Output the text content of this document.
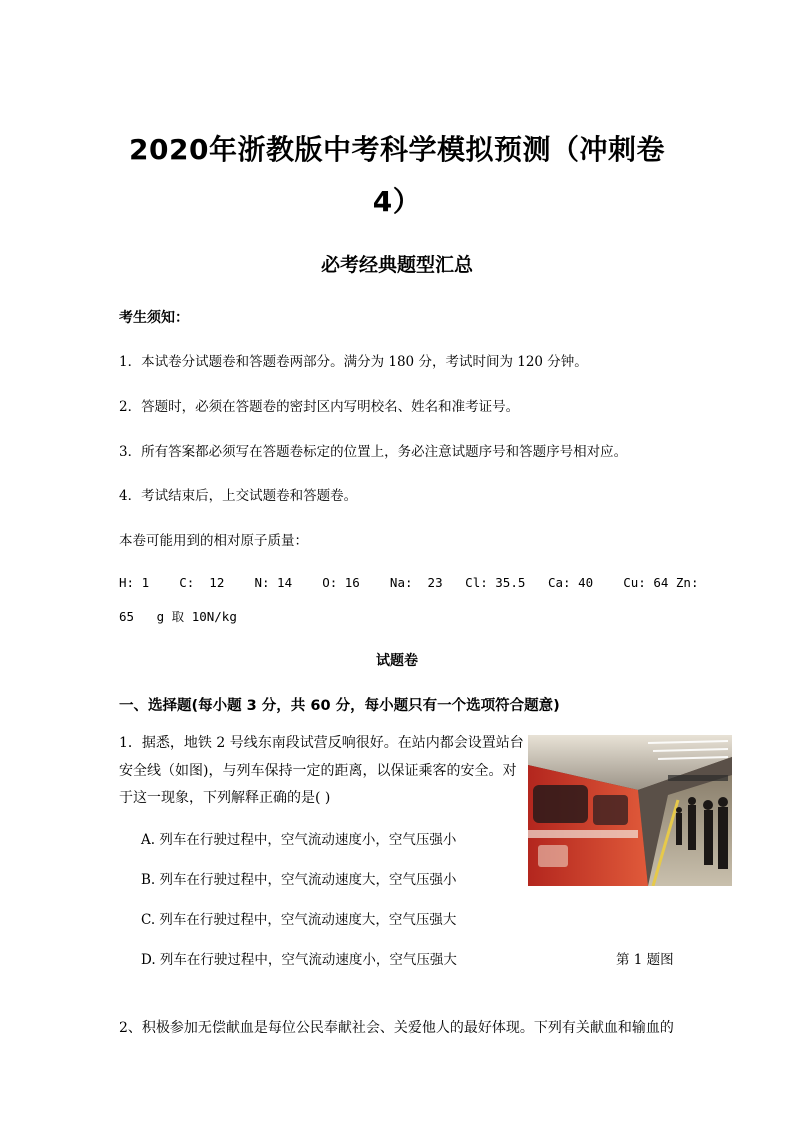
2020年浙教版中考科学模拟预测（冲刺卷
4）
必考经典题型汇总
考生须知：
1．本试卷分试题卷和答题卷两部分。满分为 180 分，考试时间为 120 分钟。
2．答题时，必须在答题卷的密封区内写明校名、姓名和准考证号。
3．所有答案都必须写在答题卷标定的位置上，务必注意试题序号和答题序号相对应。
4．考试结束后，上交试题卷和答题卷。
本卷可能用到的相对原子质量：
H: 1    C:  12    N: 14    O: 16    Na:  23   Cl: 35.5   Ca: 40    Cu: 64 Zn:
65   g 取 10N/kg
试题卷
一、选择题(每小题 3 分，共 60 分，每小题只有一个选项符合题意)
1．据悉，地铁 2 号线东南段试营反响很好。在站内都会设置站台
安全线（如图)，与列车保持一定的距离，以保证乘客的安全。对
于这一现象，下列解释正确的是( )
A. 列车在行驶过程中，空气流动速度小，空气压强小
B. 列车在行驶过程中，空气流动速度大，空气压强小
C. 列车在行驶过程中，空气流动速度大，空气压强大
D. 列车在行驶过程中，空气流动速度小，空气压强大	第 1 题图
2、积极参加无偿献血是每位公民奉献社会、关爱他人的最好体现。下列有关献血和输血的
